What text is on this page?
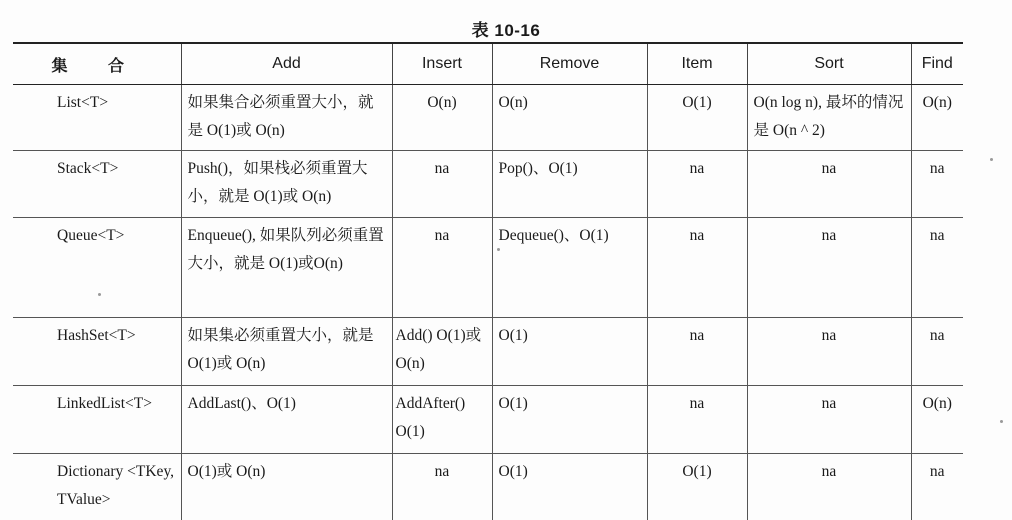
表 10-16
集 合	Add	Insert	Remove	Item	Sort	Find
List<T>	如果集合必须重置大小，就是 O(1)或 O(n)	O(n)	O(n)	O(1)	O(n log n), 最坏的情况是 O(n ^ 2)	O(n)
Stack<T>	Push()，如果栈必须重置大小，就是 O(1)或 O(n)	na	Pop()、O(1)	na	na	na
Queue<T>	Enqueue(), 如果队列必须重置大小，就是 O(1)或O(n)	na	Dequeue()、O(1)	na	na	na
HashSet<T>	如果集必须重置大小，就是 O(1)或 O(n)	Add() O(1)或 O(n)	O(1)	na	na	na
LinkedList<T>	AddLast()、O(1)	AddAfter() O(1)	O(1)	na	na	O(n)
Dictionary <TKey, TValue>	O(1)或 O(n)	na	O(1)	O(1)	na	na
